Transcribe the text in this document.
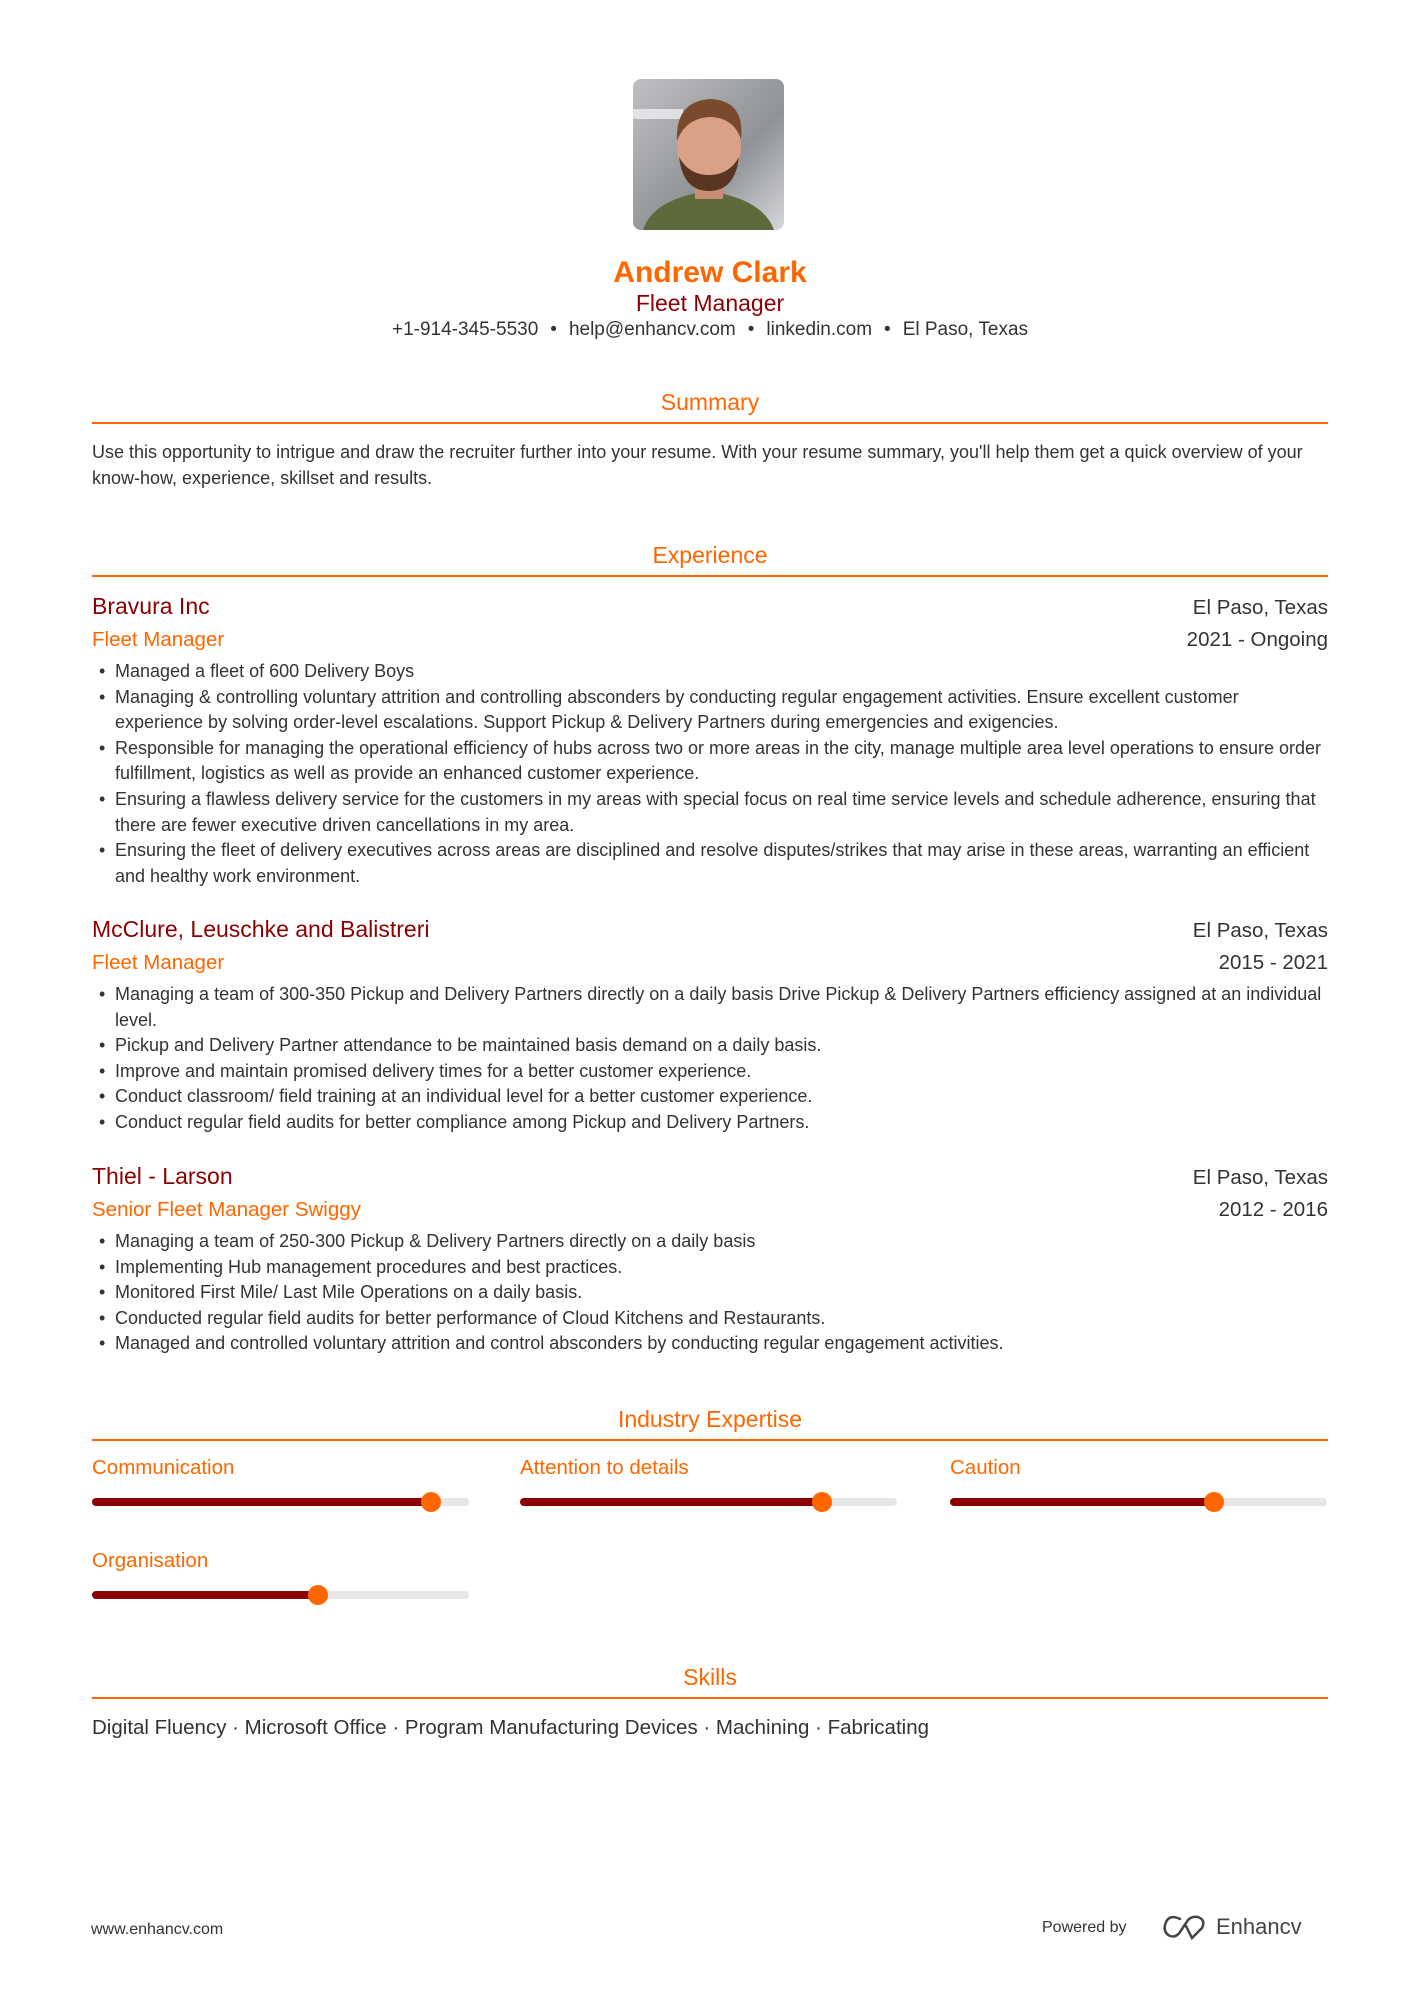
Andrew Clark
Fleet Manager
+1-914-345-5530 • help@enhancv.com • linkedin.com • El Paso, Texas
Summary
Use this opportunity to intrigue and draw the recruiter further into your resume. With your resume summary, you'll help them get a quick overview of your know-how, experience, skillset and results.
Experience
Bravura Inc	El Paso, Texas
Fleet Manager	2021 - Ongoing
• Managed a fleet of 600 Delivery Boys
• Managing & controlling voluntary attrition and controlling absconders by conducting regular engagement activities. Ensure excellent customer experience by solving order-level escalations. Support Pickup & Delivery Partners during emergencies and exigencies.
• Responsible for managing the operational efficiency of hubs across two or more areas in the city, manage multiple area level operations to ensure order fulfillment, logistics as well as provide an enhanced customer experience.
• Ensuring a flawless delivery service for the customers in my areas with special focus on real time service levels and schedule adherence, ensuring that there are fewer executive driven cancellations in my area.
• Ensuring the fleet of delivery executives across areas are disciplined and resolve disputes/strikes that may arise in these areas, warranting an efficient and healthy work environment.
McClure, Leuschke and Balistreri	El Paso, Texas
Fleet Manager	2015 - 2021
• Managing a team of 300-350 Pickup and Delivery Partners directly on a daily basis Drive Pickup & Delivery Partners efficiency assigned at an individual level.
• Pickup and Delivery Partner attendance to be maintained basis demand on a daily basis.
• Improve and maintain promised delivery times for a better customer experience.
• Conduct classroom/ field training at an individual level for a better customer experience.
• Conduct regular field audits for better compliance among Pickup and Delivery Partners.
Thiel - Larson	El Paso, Texas
Senior Fleet Manager Swiggy	2012 - 2016
• Managing a team of 250-300 Pickup & Delivery Partners directly on a daily basis
• Implementing Hub management procedures and best practices.
• Monitored First Mile/ Last Mile Operations on a daily basis.
• Conducted regular field audits for better performance of Cloud Kitchens and Restaurants.
• Managed and controlled voluntary attrition and control absconders by conducting regular engagement activities.
Industry Expertise
Communication	Attention to details	Caution
Organisation
Skills
Digital Fluency · Microsoft Office · Program Manufacturing Devices · Machining · Fabricating
www.enhancv.com	Powered by	Enhancv
